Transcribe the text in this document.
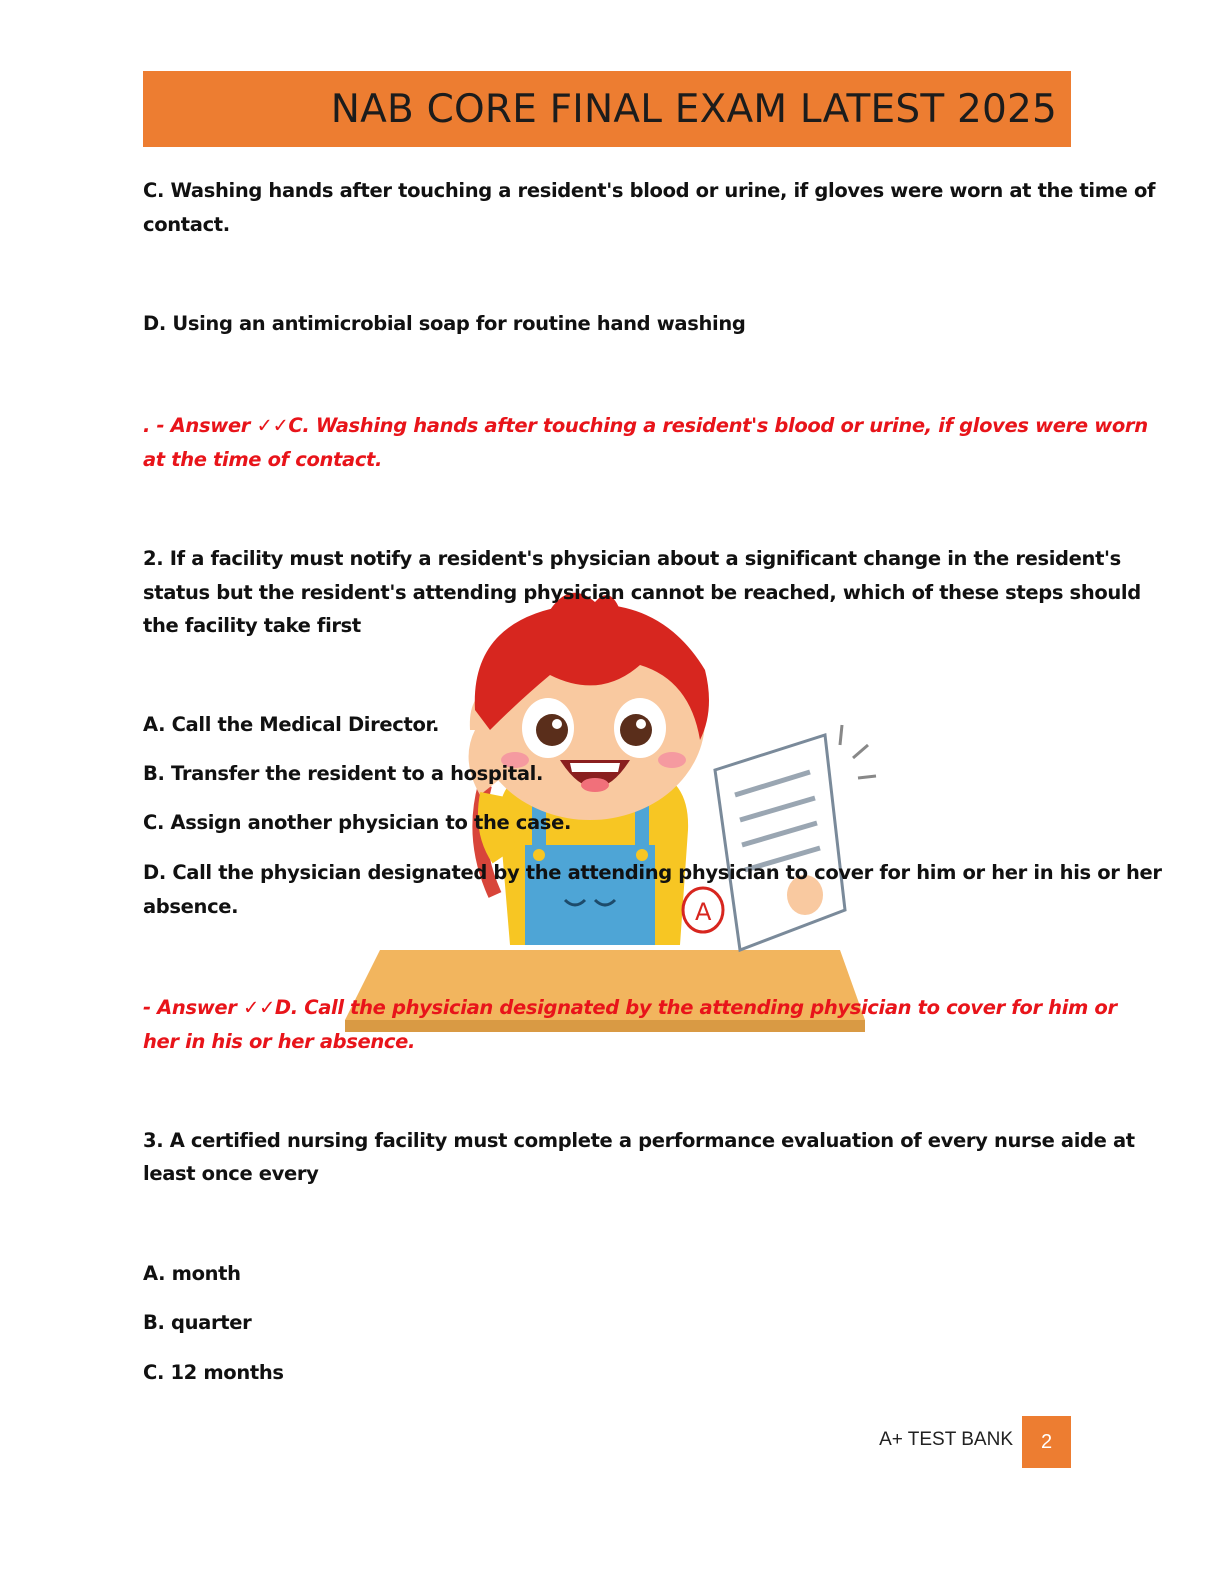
NAB CORE FINAL EXAM LATEST 2025
A
C. Washing hands after touching a resident's blood or urine, if gloves were worn at the time of
contact.
D. Using an antimicrobial soap for routine hand washing
. - Answer ✓✓C. Washing hands after touching a resident's blood or urine, if gloves were worn
at the time of contact.
2. If a facility must notify a resident's physician about a significant change in the resident's
status but the resident's attending physician cannot be reached, which of these steps should
the facility take first
A. Call the Medical Director.
B. Transfer the resident to a hospital.
C. Assign another physician to the case.
D. Call the physician designated by the attending physician to cover for him or her in his or her
absence.
- Answer ✓✓D. Call the physician designated by the attending physician to cover for him or
her in his or her absence.
3. A certified nursing facility must complete a performance evaluation of every nurse aide at
least once every
A. month
B. quarter
C. 12 months
A+ TEST BANK	2
